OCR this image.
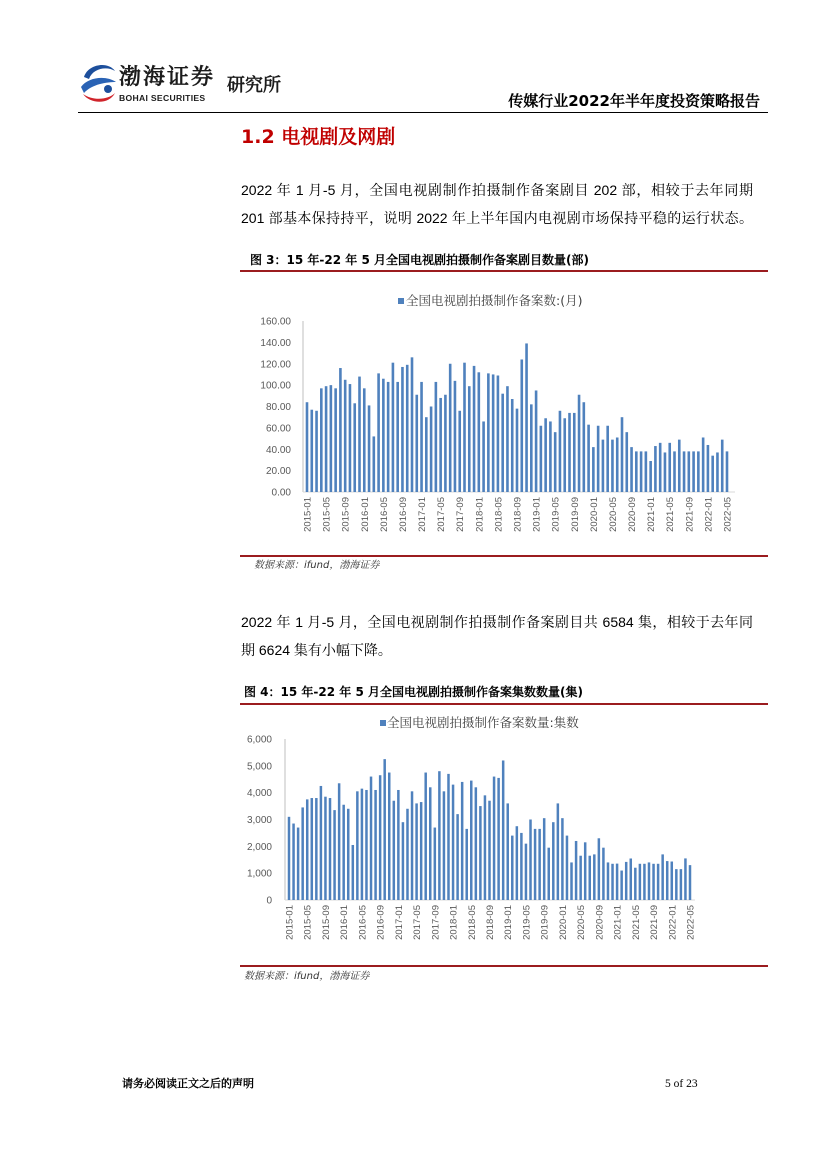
渤海证券
BOHAI SECURITIES
研究所
传媒行业2022年半年度投资策略报告
1.2 电视剧及网剧
2022 年 1 月-5 月，全国电视剧制作拍摄制作备案剧目 202 部，相较于去年同期
201 部基本保持持平，说明 2022 年上半年国内电视剧市场保持平稳的运行状态。
图 3：15 年-22 年 5 月全国电视剧拍摄制作备案剧目数量(部)
全国电视剧拍摄制作备案数:(月)
0.00
20.00
40.00
60.00
80.00
100.00
120.00
140.00
160.00
2015-01 2015-05 2015-09 2016-01 2016-05 2016-09 2017-01 2017-05 2017-09 2018-01 2018-05 2018-09 2019-01 2019-05 2019-09 2020-01 2020-05 2020-09 2021-01 2021-05 2021-09 2022-01 2022-05
数据来源：ifund，渤海证券
2022 年 1 月-5 月，全国电视剧制作拍摄制作备案剧目共 6584 集，相较于去年同
期 6624 集有小幅下降。
图 4：15 年-22 年 5 月全国电视剧拍摄制作备案集数数量(集)
全国电视剧拍摄制作备案数量:集数
0
1,000
2,000
3,000
4,000
5,000
6,000
2015-01 2015-05 2015-09 2016-01 2016-05 2016-09 2017-01 2017-05 2017-09 2018-01 2018-05 2018-09 2019-01 2019-05 2019-09 2020-01 2020-05 2020-09 2021-01 2021-05 2021-09 2022-01 2022-05
数据来源：ifund，渤海证券
请务必阅读正文之后的声明	5 of 23
